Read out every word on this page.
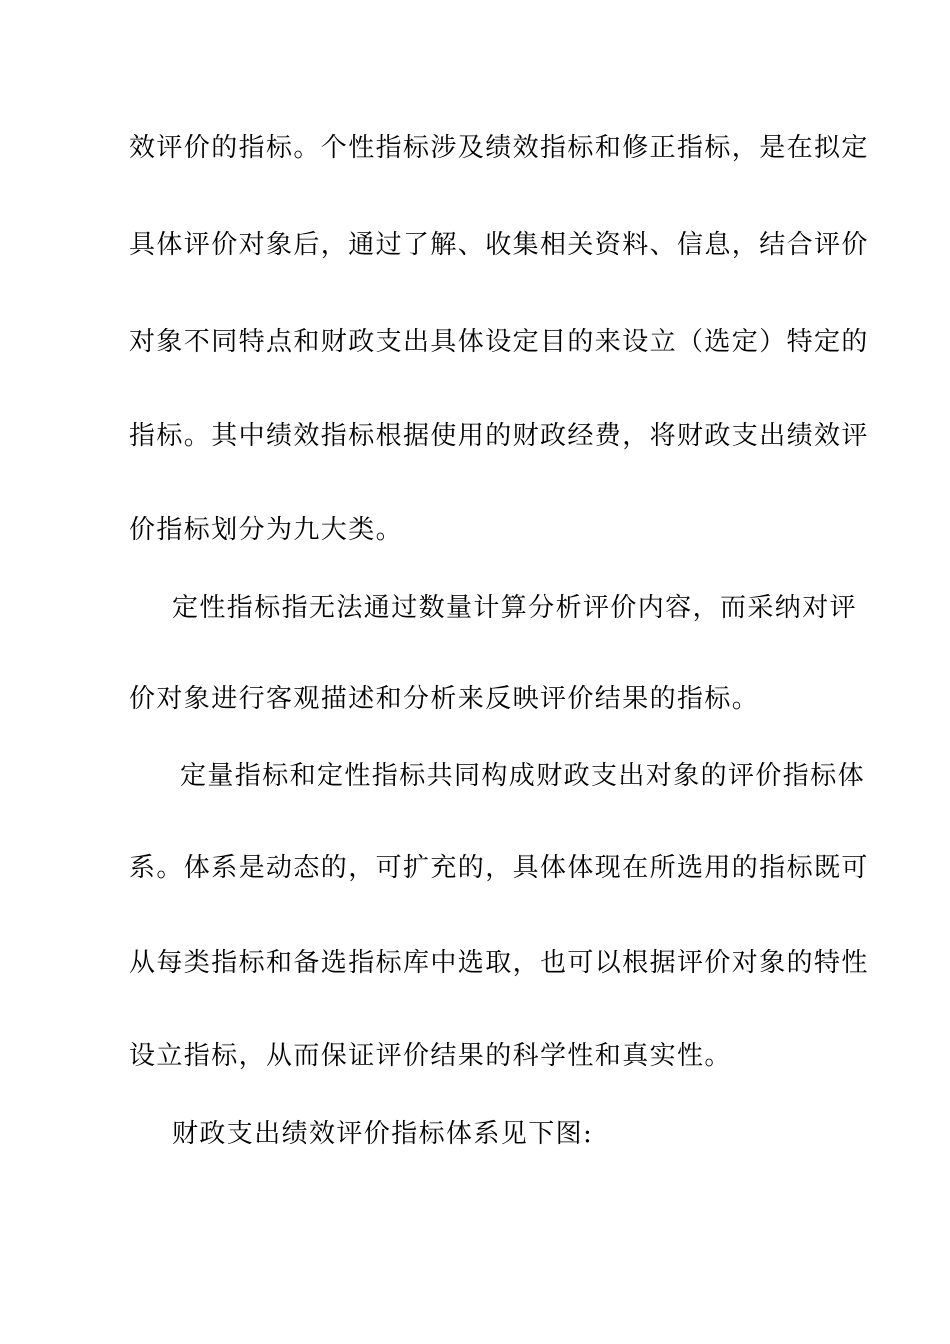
效评价的指标。个性指标涉及绩效指标和修正指标，是在拟定
具体评价对象后，通过了解、收集相关资料、信息，结合评价
对象不同特点和财政支出具体设定目的来设立（选定）特定的
指标。其中绩效指标根据使用的财政经费，将财政支出绩效评
价指标划分为九大类。
定性指标指无法通过数量计算分析评价内容，而采纳对评
价对象进行客观描述和分析来反映评价结果的指标。
定量指标和定性指标共同构成财政支出对象的评价指标体
系。体系是动态的，可扩充的，具体体现在所选用的指标既可
从每类指标和备选指标库中选取，也可以根据评价对象的特性
设立指标，从而保证评价结果的科学性和真实性。
财政支出绩效评价指标体系见下图:
